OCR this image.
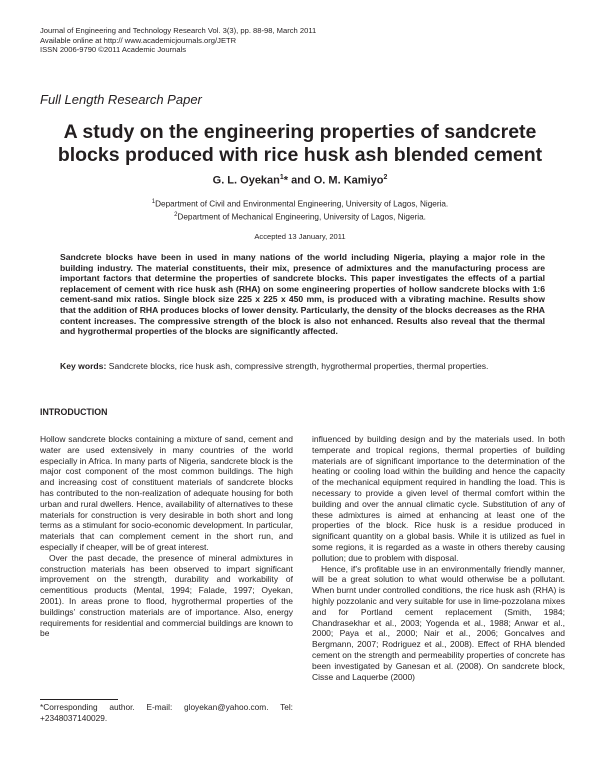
Journal of Engineering and Technology Research Vol. 3(3), pp. 88-98, March 2011
Available online at http:// www.academicjournals.org/JETR
ISSN 2006-9790 ©2011 Academic Journals
Full Length Research Paper
A study on the engineering properties of sandcrete
blocks produced with rice husk ash blended cement
G. L. Oyekan$^1$* and O. M. Kamiyo$^2$
$^1$Department of Civil and Environmental Engineering, University of Lagos, Nigeria.
$^2$Department of Mechanical Engineering, University of Lagos, Nigeria.
Accepted 13 January, 2011
Sandcrete blocks have been in used in many nations of the world including Nigeria, playing a major role in the building industry. The material constituents, their mix, presence of admixtures and the manufacturing process are important factors that determine the properties of sandcrete blocks. This paper investigates the effects of a partial replacement of cement with rice husk ash (RHA) on some engineering properties of hollow sandcrete blocks with 1:6 cement-sand mix ratios. Single block size 225 x 225 x 450 mm, is produced with a vibrating machine. Results show that the addition of RHA produces blocks of lower density. Particularly, the density of the blocks decreases as the RHA content increases. The compressive strength of the block is also not enhanced. Results also reveal that the thermal and hygrothermal properties of the blocks are significantly affected.
Key words: Sandcrete blocks, rice husk ash, compressive strength, hygrothermal properties, thermal properties.
INTRODUCTION

Hollow sandcrete blocks containing a mixture of sand, cement and water are used extensively in many countries of the world especially in Africa. In many parts of Nigeria, sandcrete block is the major cost component of the most common buildings. The high and increasing cost of constituent materials of sandcrete blocks has contributed to the non-realization of adequate housing for both urban and rural dwellers. Hence, availability of alternatives to these materials for construction is very desirable in both short and long terms as a stimulant for socio-economic development. In particular, materials that can complement cement in the short run, and especially if cheaper, will be of great interest.

Over the past decade, the presence of mineral admixtures in construction materials has been observed to impart significant improvement on the strength, durability and workability of cementitious products (Mental, 1994; Falade, 1997; Oyekan, 2001). In areas prone to flood, hygrothermal properties of the buildings’ construction materials are of importance. Also, energy requirements for residential and commercial buildings are known to be

influenced by building design and by the materials used. In both temperate and tropical regions, thermal properties of building materials are of significant importance to the determination of the heating or cooling load within the building and hence the capacity of the mechanical equipment required in handling the load. This is necessary to provide a given level of thermal comfort within the building and over the annual climatic cycle. Substitution of any of these admixtures is aimed at enhancing at least one of the properties of the block. Rice husk is a residue produced in significant quantity on a global basis. While it is utilized as fuel in some regions, it is regarded as a waste in others thereby causing pollution; due to problem with disposal.

Hence, if’s profitable use in an environmentally friendly manner, will be a great solution to what would otherwise be a pollutant. When burnt under controlled conditions, the rice husk ash (RHA) is highly pozzolanic and very suitable for use in lime-pozzolana mixes and for Portland cement replacement (Smith, 1984; Chandrasekhar et al., 2003; Yogenda et al., 1988; Anwar et al., 2000; Paya et al., 2000; Nair et al., 2006; Goncalves and Bergmann, 2007; Rodriguez et al., 2008). Effect of RHA blended cement on the strength and permeability properties of concrete has been investigated by Ganesan et al. (2008). On sandcrete block, Cisse and Laquerbe (2000)

*Corresponding author. E-mail: gloyekan@yahoo.com. Tel: +2348037140029.
